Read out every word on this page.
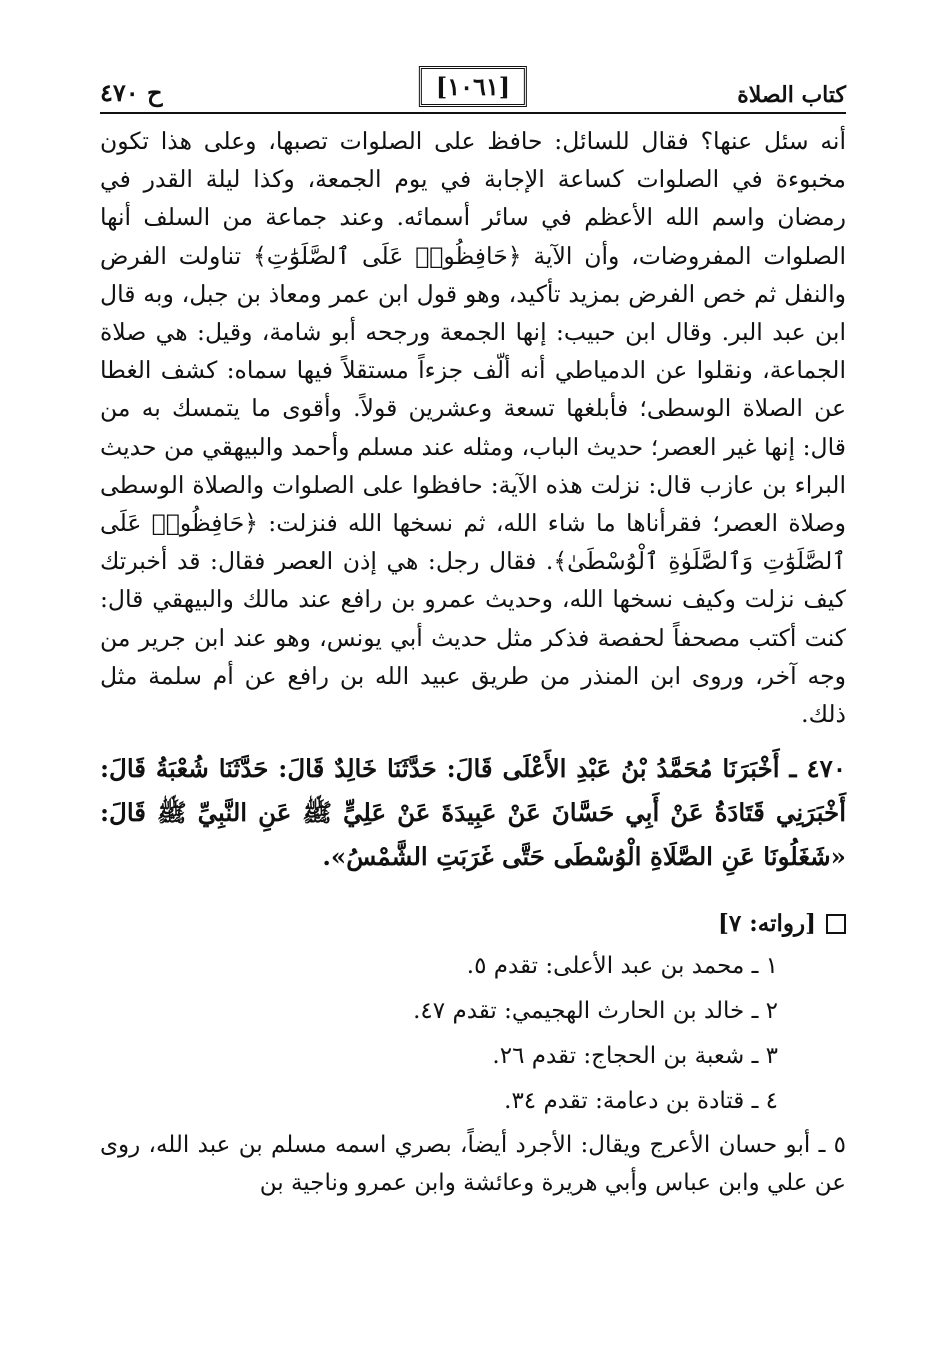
كتاب الصلاة
[١٠٦١]
ح ٤٧٠

أنه سئل عنها؟ فقال للسائل: حافظ على الصلوات تصبها، وعلى هذا تكون مخبوءة في الصلوات كساعة الإجابة في يوم الجمعة، وكذا ليلة القدر في رمضان واسم الله الأعظم في سائر أسمائه. وعند جماعة من السلف أنها الصلوات المفروضات، وأن الآية ﴿حَافِظُوا۟ عَلَى ٱلصَّلَوَٰتِ﴾ تناولت الفرض والنفل ثم خص الفرض بمزيد تأكيد، وهو قول ابن عمر ومعاذ بن جبل، وبه قال ابن عبد البر. وقال ابن حبيب: إنها الجمعة ورجحه أبو شامة، وقيل: هي صلاة الجماعة، ونقلوا عن الدمياطي أنه ألّف جزءاً مستقلاً فيها سماه: كشف الغطا عن الصلاة الوسطى؛ فأبلغها تسعة وعشرين قولاً. وأقوى ما يتمسك به من قال: إنها غير العصر؛ حديث الباب، ومثله عند مسلم وأحمد والبيهقي من حديث البراء بن عازب قال: نزلت هذه الآية: حافظوا على الصلوات والصلاة الوسطى وصلاة العصر؛ فقرأناها ما شاء الله، ثم نسخها الله فنزلت: ﴿حَافِظُوا۟ عَلَى ٱلصَّلَوَٰتِ وَٱلصَّلَوٰةِ ٱلْوُسْطَىٰ﴾. فقال رجل: هي إذن العصر فقال: قد أخبرتك كيف نزلت وكيف نسخها الله، وحديث عمرو بن رافع عند مالك والبيهقي قال: كنت أكتب مصحفاً لحفصة فذكر مثل حديث أبي يونس، وهو عند ابن جرير من وجه آخر، وروى ابن المنذر من طريق عبيد الله بن رافع عن أم سلمة مثل ذلك.

٤٧٠ ـ أَخْبَرَنَا مُحَمَّدُ بْنُ عَبْدِ الأَعْلَى قَالَ: حَدَّثَنَا خَالِدٌ قَالَ: حَدَّثَنَا شُعْبَةُ قَالَ: أَخْبَرَنِي قَتَادَةُ عَنْ أَبِي حَسَّانَ عَنْ عَبِيدَةَ عَنْ عَلِيٍّ ﷺ عَنِ النَّبِيِّ ﷺ قَالَ: «شَغَلُونَا عَنِ الصَّلَاةِ الْوُسْطَى حَتَّى غَرَبَتِ الشَّمْسُ».

[رواته: ٧]
١ ـ محمد بن عبد الأعلى: تقدم ٥.
٢ ـ خالد بن الحارث الهجيمي: تقدم ٤٧.
٣ ـ شعبة بن الحجاج: تقدم ٢٦.
٤ ـ قتادة بن دعامة: تقدم ٣٤.
٥ ـ أبو حسان الأعرج ويقال: الأجرد أيضاً، بصري اسمه مسلم بن عبد الله، روى عن علي وابن عباس وأبي هريرة وعائشة وابن عمرو وناجية بن
